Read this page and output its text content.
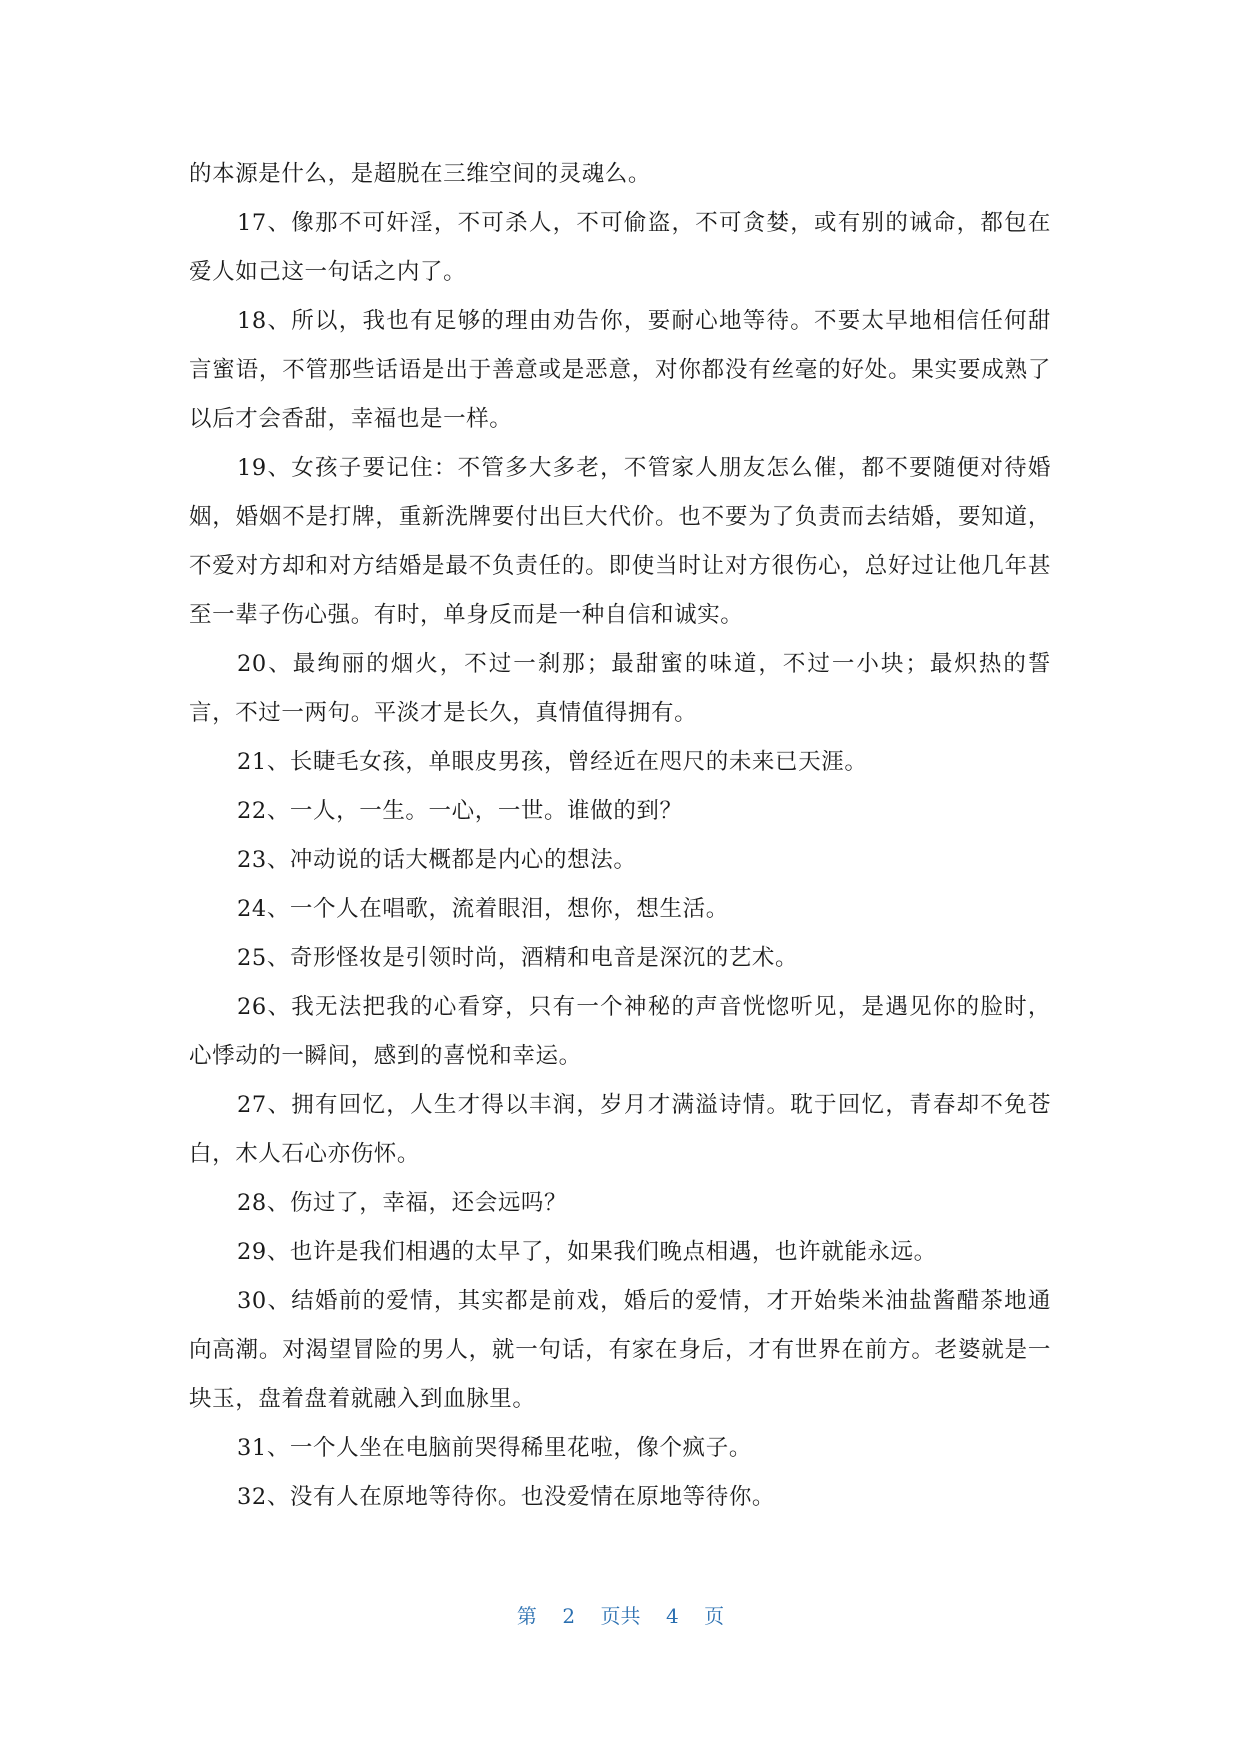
的本源是什么，是超脱在三维空间的灵魂么。

17、像那不可奸淫，不可杀人，不可偷盗，不可贪婪，或有别的诫命，都包在爱人如己这一句话之内了。

18、所以，我也有足够的理由劝告你，要耐心地等待。不要太早地相信任何甜言蜜语，不管那些话语是出于善意或是恶意，对你都没有丝毫的好处。果实要成熟了以后才会香甜，幸福也是一样。

19、女孩子要记住：不管多大多老，不管家人朋友怎么催，都不要随便对待婚姻，婚姻不是打牌，重新洗牌要付出巨大代价。也不要为了负责而去结婚，要知道，不爱对方却和对方结婚是最不负责任的。即使当时让对方很伤心，总好过让他几年甚至一辈子伤心强。有时，单身反而是一种自信和诚实。

20、最绚丽的烟火，不过一刹那；最甜蜜的味道，不过一小块；最炽热的誓言，不过一两句。平淡才是长久，真情值得拥有。

21、长睫毛女孩，单眼皮男孩，曾经近在咫尺的未来已天涯。

22、一人，一生。一心，一世。谁做的到？

23、冲动说的话大概都是内心的想法。

24、一个人在唱歌，流着眼泪，想你，想生活。

25、奇形怪妆是引领时尚，酒精和电音是深沉的艺术。

26、我无法把我的心看穿，只有一个神秘的声音恍惚听见，是遇见你的脸时，心悸动的一瞬间，感到的喜悦和幸运。

27、拥有回忆，人生才得以丰润，岁月才满溢诗情。耽于回忆，青春却不免苍白，木人石心亦伤怀。

28、伤过了，幸福，还会远吗？

29、也许是我们相遇的太早了，如果我们晚点相遇，也许就能永远。

30、结婚前的爱情，其实都是前戏，婚后的爱情，才开始柴米油盐酱醋茶地通向高潮。对渴望冒险的男人，就一句话，有家在身后，才有世界在前方。老婆就是一块玉，盘着盘着就融入到血脉里。

31、一个人坐在电脑前哭得稀里花啦，像个疯子。

32、没有人在原地等待你。也没爱情在原地等待你。

第 2 页共 4 页
